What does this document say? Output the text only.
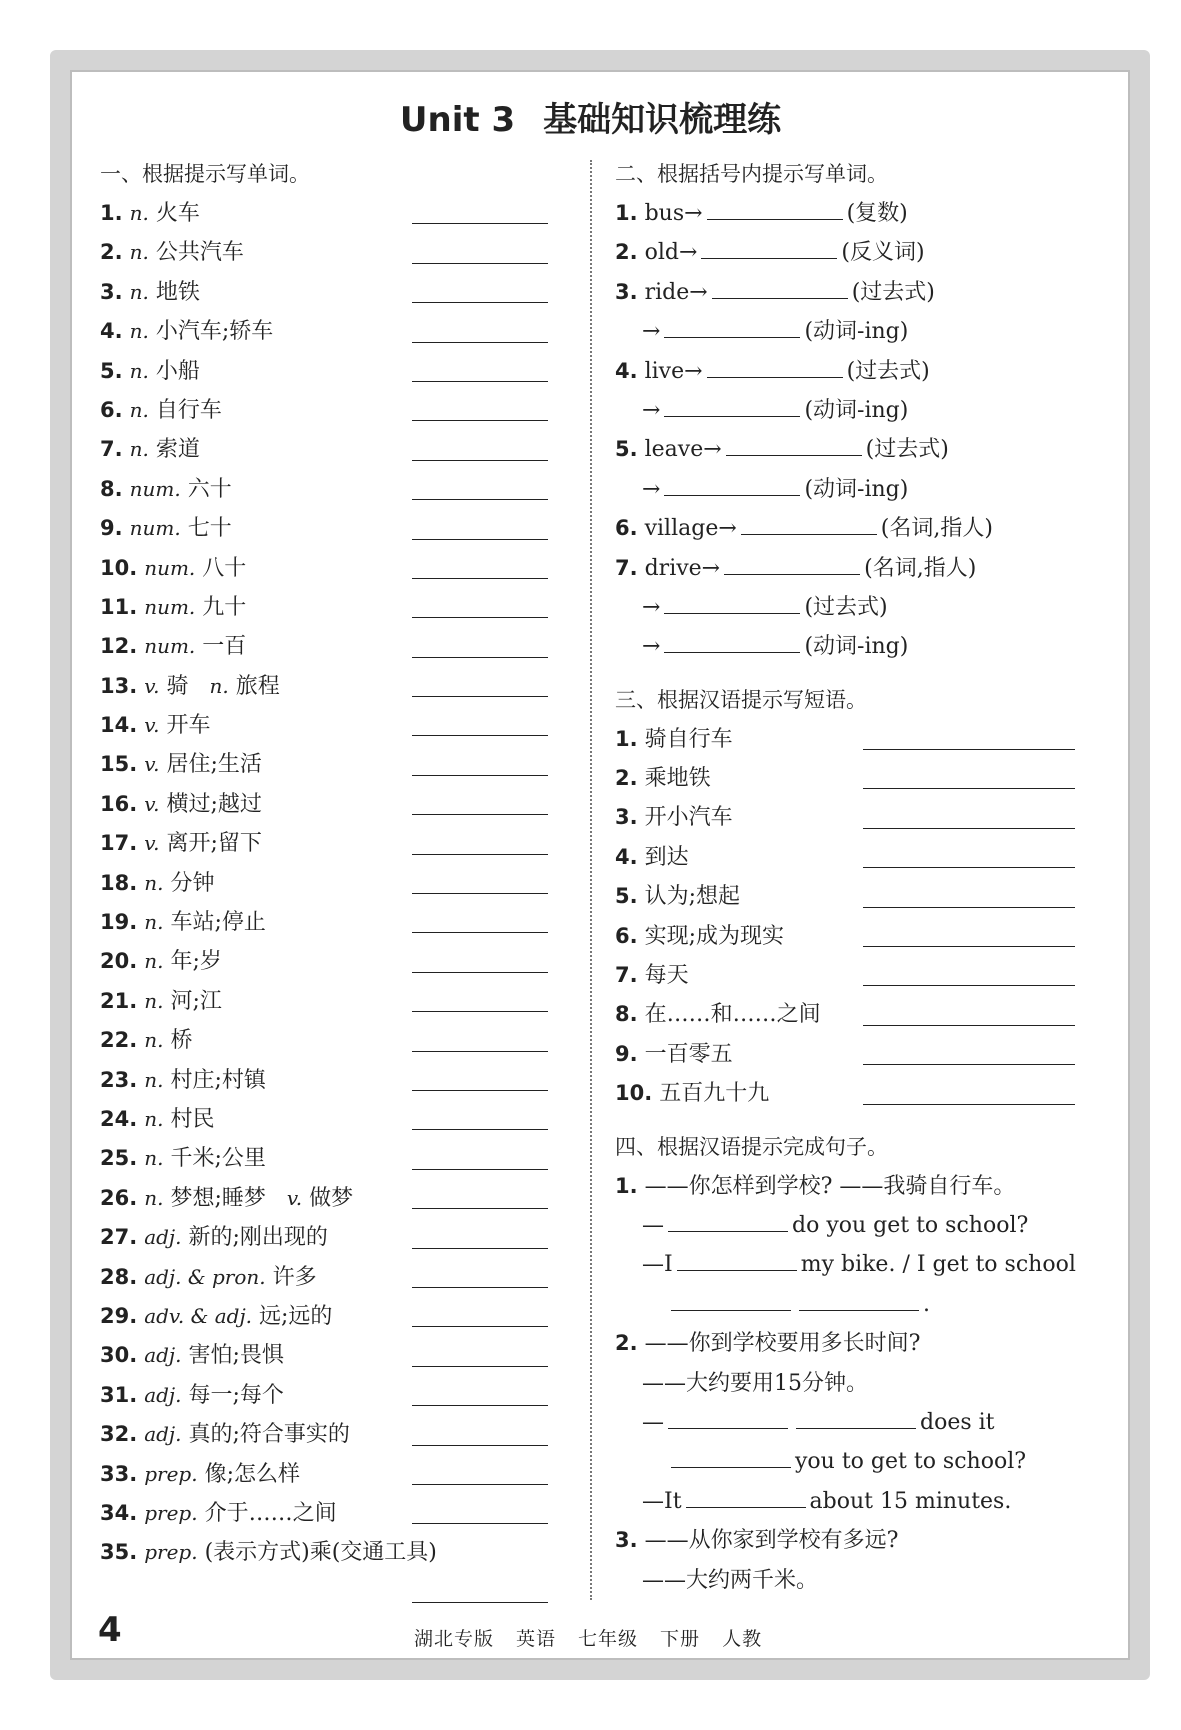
Unit 3 基础知识梳理练
一、根据提示写单词。
1. n. 火车
2. n. 公共汽车
3. n. 地铁
4. n. 小汽车;轿车
5. n. 小船
6. n. 自行车
7. n. 索道
8. num. 六十
9. num. 七十
10. num. 八十
11. num. 九十
12. num. 一百
13. v. 骑 n. 旅程
14. v. 开车
15. v. 居住;生活
16. v. 横过;越过
17. v. 离开;留下
18. n. 分钟
19. n. 车站;停止
20. n. 年;岁
21. n. 河;江
22. n. 桥
23. n. 村庄;村镇
24. n. 村民
25. n. 千米;公里
26. n. 梦想;睡梦 v. 做梦
27. adj. 新的;刚出现的
28. adj. & pron. 许多
29. adv. & adj. 远;远的
30. adj. 害怕;畏惧
31. adj. 每一;每个
32. adj. 真的;符合事实的
33. prep. 像;怎么样
34. prep. 介于……之间
35. prep. (表示方式)乘(交通工具)
二、根据括号内提示写单词。
1. bus→	(复数)
2. old→	(反义词)
3. ride→	(过去式)
→	(动词-ing)
4. live→	(过去式)
→	(动词-ing)
5. leave→	(过去式)
→	(动词-ing)
6. village→	(名词,指人)
7. drive→	(名词,指人)
→	(过去式)
→	(动词-ing)
三、根据汉语提示写短语。
1. 骑自行车
2. 乘地铁
3. 开小汽车
4. 到达
5. 认为;想起
6. 实现;成为现实
7. 每天
8. 在……和……之间
9. 一百零五
10. 五百九十九
四、根据汉语提示完成句子。
1. ——你怎样到学校? ——我骑自行车。
—	do you get to school?
—I	my bike. / I get to school
.
2. ——你到学校要用多长时间?
——大约要用15分钟。
—	does it
you to get to school?
—It	about 15 minutes.
3. ——从你家到学校有多远?
——大约两千米。
4	湖北专版 英语 七年级 下册 人教
